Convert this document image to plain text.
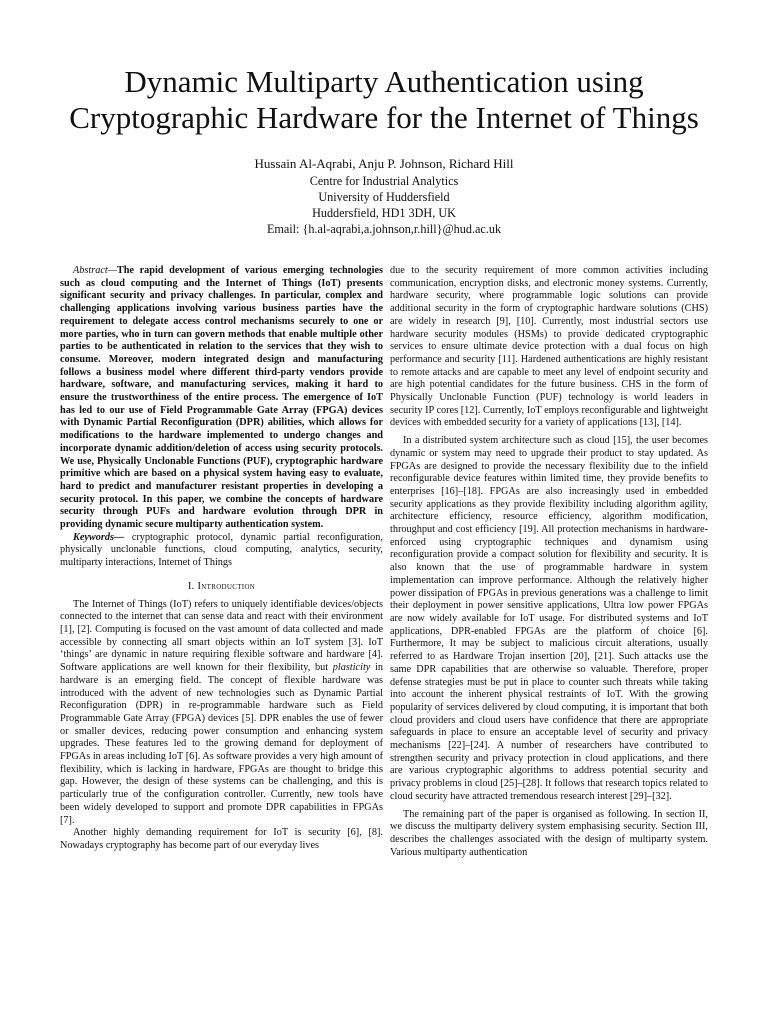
Dynamic Multiparty Authentication using
Cryptographic Hardware for the Internet of Things
Hussain Al-Aqrabi, Anju P. Johnson, Richard Hill
Centre for Industrial Analytics
University of Huddersfield
Huddersfield, HD1 3DH, UK
Email: {h.al-aqrabi,a.johnson,r.hill}@hud.ac.uk

Abstract—The rapid development of various emerging technologies such as cloud computing and the Internet of Things (IoT) presents significant security and privacy challenges. In particular, complex and challenging applications involving various business parties have the requirement to delegate access control mechanisms securely to one or more parties, who in turn can govern methods that enable multiple other parties to be authenticated in relation to the services that they wish to consume. Moreover, modern integrated design and manufacturing follows a business model where different third-party vendors provide hardware, software, and manufacturing services, making it hard to ensure the trustworthiness of the entire process. The emergence of IoT has led to our use of Field Programmable Gate Array (FPGA) devices with Dynamic Partial Reconfiguration (DPR) abilities, which allows for modifications to the hardware implemented to undergo changes and incorporate dynamic addition/deletion of access using security protocols. We use, Physically Unclonable Functions (PUF), cryptographic hardware primitive which are based on a physical system having easy to evaluate, hard to predict and manufacturer resistant properties in developing a security protocol. In this paper, we combine the concepts of hardware security through PUFs and hardware evolution through DPR in providing dynamic secure multiparty authentication system.

Keywords— cryptographic protocol, dynamic partial reconfiguration, physically unclonable functions, cloud computing, analytics, security, multiparty interactions, Internet of Things

I. Introduction

The Internet of Things (IoT) refers to uniquely identifiable devices/objects connected to the internet that can sense data and react with their environment [1], [2]. Computing is focused on the vast amount of data collected and made accessible by connecting all smart objects within an IoT system [3]. IoT ‘things’ are dynamic in nature requiring flexible software and hardware [4]. Software applications are well known for their flexibility, but plasticity in hardware is an emerging field. The concept of flexible hardware was introduced with the advent of new technologies such as Dynamic Partial Reconfiguration (DPR) in re-programmable hardware such as Field Programmable Gate Array (FPGA) devices [5]. DPR enables the use of fewer or smaller devices, reducing power consumption and enhancing system upgrades. These features led to the growing demand for deployment of FPGAs in areas including IoT [6]. As software provides a very high amount of flexibility, which is lacking in hardware, FPGAs are thought to bridge this gap. However, the design of these systems can be challenging, and this is particularly true of the configuration controller. Currently, new tools have been widely developed to support and promote DPR capabilities in FPGAs [7].

Another highly demanding requirement for IoT is security [6], [8]. Nowadays cryptography has become part of our everyday lives

due to the security requirement of more common activities including communication, encryption disks, and electronic money systems. Currently, hardware security, where programmable logic solutions can provide additional security in the form of cryptographic hardware solutions (CHS) are widely in research [9], [10]. Currently, most industrial sectors use hardware security modules (HSMs) to provide dedicated cryptographic services to ensure ultimate device protection with a dual focus on high performance and security [11]. Hardened authentications are highly resistant to remote attacks and are capable to meet any level of endpoint security and are high potential candidates for the future business. CHS in the form of Physically Unclonable Function (PUF) technology is world leaders in security IP cores [12]. Currently, IoT employs reconfigurable and lightweight devices with embedded security for a variety of applications [13], [14].

In a distributed system architecture such as cloud [15], the user becomes dynamic or system may need to upgrade their product to stay updated. As FPGAs are designed to provide the necessary flexibility due to the infield reconfigurable device features within limited time, they provide benefits to enterprises [16]–[18]. FPGAs are also increasingly used in embedded security applications as they provide flexibility including algorithm agility, architecture efficiency, resource efficiency, algorithm modification, throughput and cost efficiency [19]. All protection mechanisms in hardware-enforced using cryptographic techniques and dynamism using reconfiguration provide a compact solution for flexibility and security. It is also known that the use of programmable hardware in system implementation can improve performance. Although the relatively higher power dissipation of FPGAs in previous generations was a challenge to limit their deployment in power sensitive applications, Ultra low power FPGAs are now widely available for IoT usage. For distributed systems and IoT applications, DPR-enabled FPGAs are the platform of choice [6]. Furthermore, It may be subject to malicious circuit alterations, usually referred to as Hardware Trojan insertion [20], [21]. Such attacks use the same DPR capabilities that are otherwise so valuable. Therefore, proper defense strategies must be put in place to counter such threats while taking into account the inherent physical restraints of IoT. With the growing popularity of services delivered by cloud computing, it is important that both cloud providers and cloud users have confidence that there are appropriate safeguards in place to ensure an acceptable level of security and privacy mechanisms [22]–[24]. A number of researchers have contributed to strengthen security and privacy protection in cloud applications, and there are various cryptographic algorithms to address potential security and privacy problems in cloud [25]–[28]. It follows that research topics related to cloud security have attracted tremendous research interest [29]–[32].

The remaining part of the paper is organised as following. In section II, we discuss the multiparty delivery system emphasising security. Section III, describes the challenges associated with the design of multiparty system. Various multiparty authentication
